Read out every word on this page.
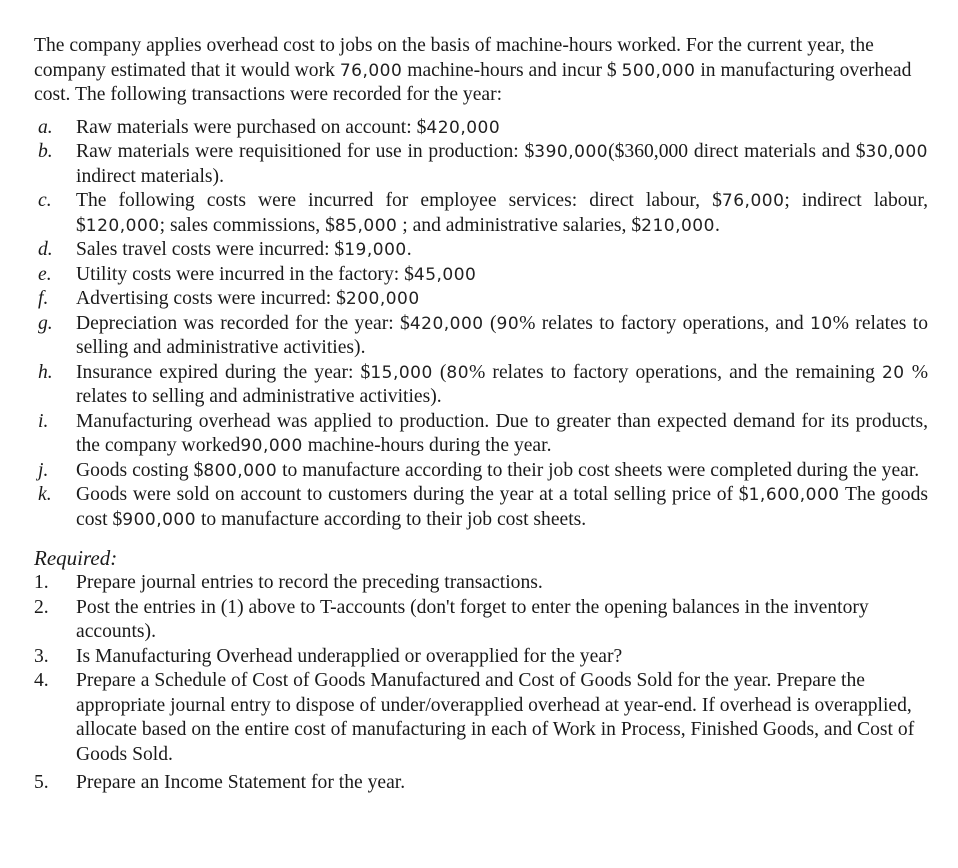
The company applies overhead cost to jobs on the basis of machine-hours worked. For the current year, the company estimated that it would work 76,000 machine-hours and incur $ 500,000 in manufacturing overhead cost. The following transactions were recorded for the year:

a.	Raw materials were purchased on account: $420,000
b.	Raw materials were requisitioned for use in production: $390,000($360,000 direct materials and $30,000 indirect materials).
c.	The following costs were incurred for employee services: direct labour, $76,000; indirect labour, $120,000; sales commissions, $85,000 ; and administrative salaries, $210,000.
d.	Sales travel costs were incurred: $19,000.
e.	Utility costs were incurred in the factory: $45,000
f.	Advertising costs were incurred: $200,000
g.	Depreciation was recorded for the year: $420,000 (90% relates to factory operations, and 10% relates to selling and administrative activities).
h.	Insurance expired during the year: $15,000 (80% relates to factory operations, and the remaining 20 % relates to selling and administrative activities).
i.	Manufacturing overhead was applied to production. Due to greater than expected demand for its products, the company worked90,000 machine-hours during the year.
j.	Goods costing $800,000 to manufacture according to their job cost sheets were completed during the year.
k.	Goods were sold on account to customers during the year at a total selling price of $1,600,000 The goods cost $900,000 to manufacture according to their job cost sheets.
Required:
1.	Prepare journal entries to record the preceding transactions.
2.	Post the entries in (1) above to T-accounts (don't forget to enter the opening balances in the inventory accounts).
3.	Is Manufacturing Overhead underapplied or overapplied for the year?
4.	Prepare a Schedule of Cost of Goods Manufactured and Cost of Goods Sold for the year. Prepare the appropriate journal entry to dispose of under/overapplied overhead at year-end. If overhead is overapplied, allocate based on the entire cost of manufacturing in each of Work in Process, Finished Goods, and Cost of Goods Sold.
5.	Prepare an Income Statement for the year.
